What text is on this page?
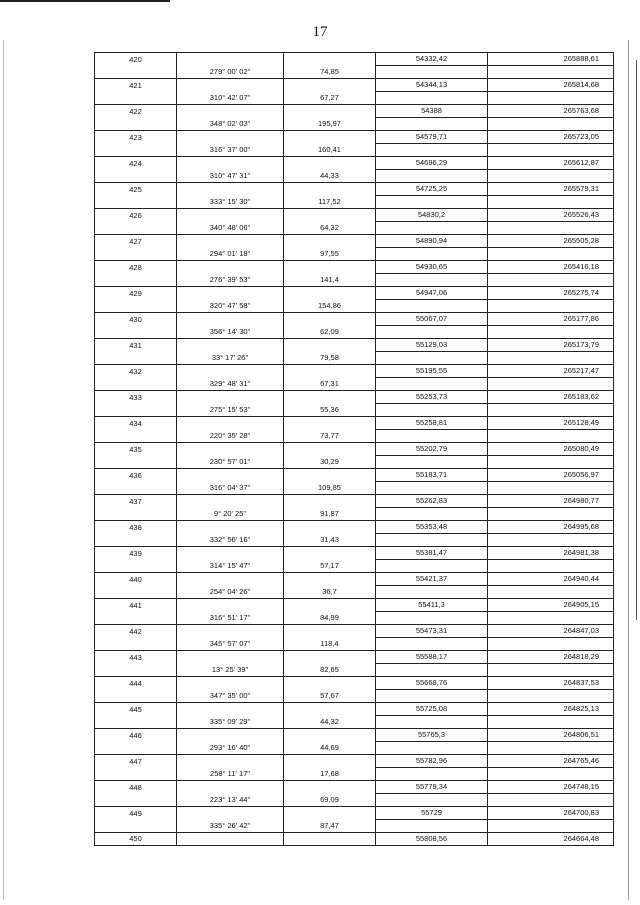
17
420			54332,42	265888,61
	279° 00' 02"	74,85		
421			54344,13	265814,68
	310° 42' 07"	67,27		
422			54388	265763,68
	348° 02' 03"	195,97		
423			54579,71	265723,05
	316° 37' 00"	160,41		
424			54696,29	265612,87
	310° 47' 31"	44,33		
425			54725,25	265579,31
	333° 15' 30"	117,52		
426			54830,2	265526,43
	340° 48' 06"	64,32		
427			54890,94	265505,28
	294° 01' 18"	97,55		
428			54930,65	265416,18
	276° 39' 53"	141,4		
429			54947,06	265275,74
	320° 47' 58"	154,86		
430			55067,07	265177,86
	356° 14' 30"	62,09		
431			55129,03	265173,79
	33° 17' 26"	79,58		
432			55195,55	265217,47
	329° 48' 31"	67,31		
433			55253,73	265183,62
	275° 15' 53"	55,36		
434			55258,81	265128,49
	220° 35' 28"	73,77		
435			55202,79	265080,49
	230° 57' 01"	30,29		
436			55183,71	265056,97
	316° 04' 37"	109,85		
437			55262,83	264980,77
	9° 20' 25"	91,87		
438			55353,48	264995,68
	332° 56' 16"	31,43		
439			55381,47	264981,38
	314° 15' 47"	57,17		
440			55421,37	264940,44
	254° 04' 26"	36,7		
441			55411,3	264905,15
	316° 51' 17"	84,99		
442			55473,31	264847,03
	345° 57' 07"	118,4		
443			55588,17	264818,29
	13° 25' 39"	82,65		
444			55668,76	264837,53
	347° 35' 00"	57,67		
445			55725,08	264825,13
	335° 09' 29"	44,32		
446			55765,3	264806,51
	293° 16' 40"	44,69		
447			55782,96	264765,46
	258° 11' 17"	17,68		
448			55779,34	264748,15
	223° 13' 44"	69,09		
449			55729	264700,83
	335° 26' 42"	87,47		
450			55808,56	264664,48
